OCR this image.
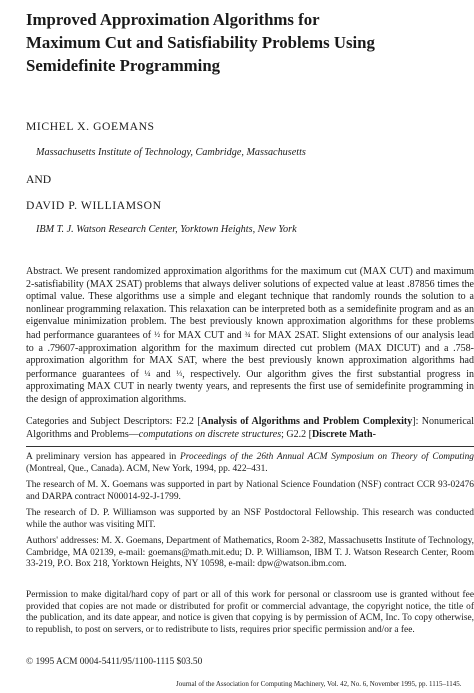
Improved Approximation Algorithms for
Maximum Cut and Satisfiability Problems Using
Semidefinite Programming
MICHEL X. GOEMANS
Massachusetts Institute of Technology, Cambridge, Massachusetts
AND
DAVID P. WILLIAMSON
IBM T. J. Watson Research Center, Yorktown Heights, New York

Abstract. We present randomized approximation algorithms for the maximum cut (MAX CUT) and maximum 2-satisfiability (MAX 2SAT) problems that always deliver solutions of expected value at least .87856 times the optimal value. These algorithms use a simple and elegant technique that randomly rounds the solution to a nonlinear programming relaxation. This relaxation can be interpreted both as a semidefinite program and as an eigenvalue minimization problem. The best previously known approximation algorithms for these problems had performance guarantees of ½ for MAX CUT and ¾ for MAX 2SAT. Slight extensions of our analysis lead to a .79607-approximation algorithm for the maximum directed cut problem (MAX DICUT) and a .758-approximation algorithm for MAX SAT, where the best previously known approximation algorithms had performance guarantees of ¼ and ⅓, respectively. Our algorithm gives the first substantial progress in approximating MAX CUT in nearly twenty years, and represents the first use of semidefinite programming in the design of approximation algorithms.

Categories and Subject Descriptors: F2.2 [Analysis of Algorithms and Problem Complexity]: Nonumerical Algorithms and Problems—computations on discrete structures; G2.2 [Discrete Math-

A preliminary version has appeared in Proceedings of the 26th Annual ACM Symposium on Theory of Computing (Montreal, Que., Canada). ACM, New York, 1994, pp. 422–431.

The research of M. X. Goemans was supported in part by National Science Foundation (NSF) contract CCR 93-02476 and DARPA contract N00014-92-J-1799.

The research of D. P. Williamson was supported by an NSF Postdoctoral Fellowship. This research was conducted while the author was visiting MIT.

Authors' addresses: M. X. Goemans, Department of Mathematics, Room 2-382, Massachusetts Institute of Technology, Cambridge, MA 02139, e-mail: goemans@math.mit.edu; D. P. Williamson, IBM T. J. Watson Research Center, Room 33-219, P.O. Box 218, Yorktown Heights, NY 10598, e-mail: dpw@watson.ibm.com.

Permission to make digital/hard copy of part or all of this work for personal or classroom use is granted without fee provided that copies are not made or distributed for profit or commercial advantage, the copyright notice, the title of the publication, and its date appear, and notice is given that copying is by permission of ACM, Inc. To copy otherwise, to republish, to post on servers, or to redistribute to lists, requires prior specific permission and/or a fee.

© 1995 ACM 0004-5411/95/1100-1115 $03.50

Journal of the Association for Computing Machinery, Vol. 42, No. 6, November 1995, pp. 1115–1145.
